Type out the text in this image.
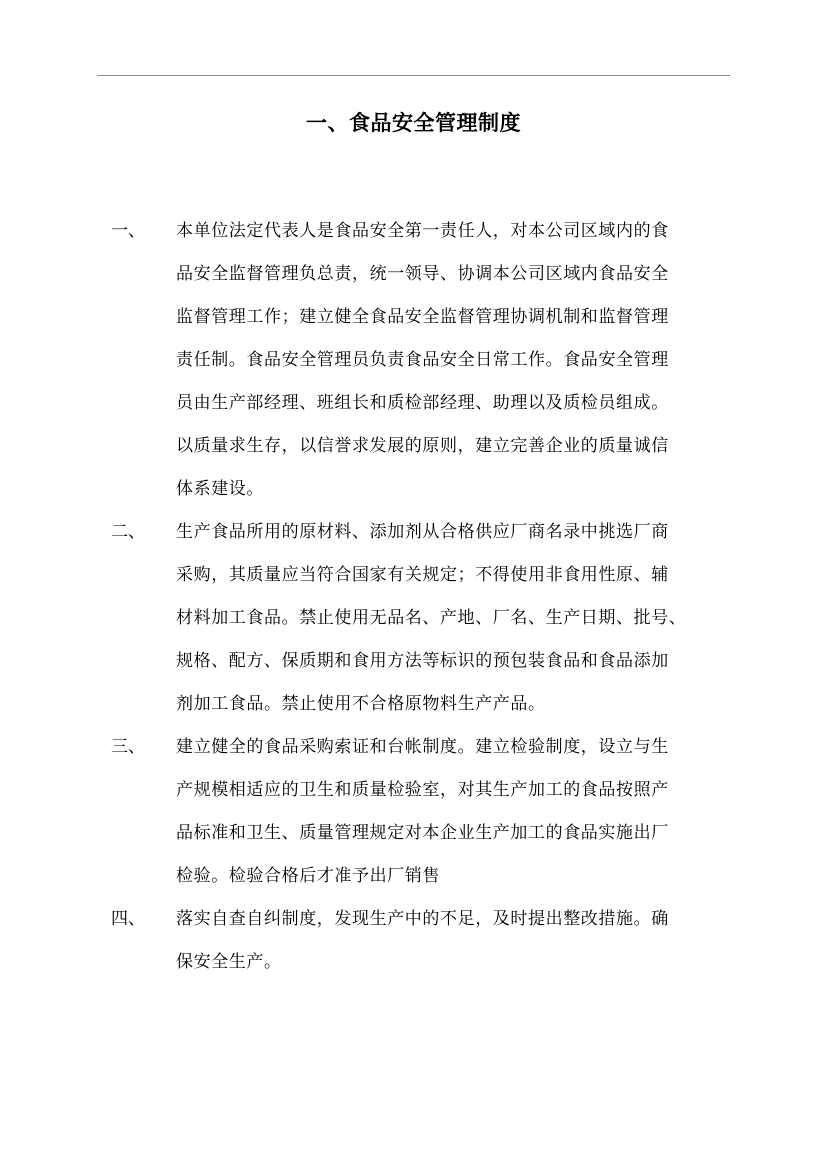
一、食品安全管理制度
一、 本单位法定代表人是食品安全第一责任人，对本公司区域内的食
品安全监督管理负总责，统一领导、协调本公司区域内食品安全
监督管理工作；建立健全食品安全监督管理协调机制和监督管理
责任制。食品安全管理员负责食品安全日常工作。食品安全管理
员由生产部经理、班组长和质检部经理、助理以及质检员组成。
以质量求生存，以信誉求发展的原则，建立完善企业的质量诚信
体系建设。
二、 生产食品所用的原材料、添加剂从合格供应厂商名录中挑选厂商
采购，其质量应当符合国家有关规定；不得使用非食用性原、辅
材料加工食品。禁止使用无品名、产地、厂名、生产日期、批号、
规格、配方、保质期和食用方法等标识的预包装食品和食品添加
剂加工食品。禁止使用不合格原物料生产产品。
三、 建立健全的食品采购索证和台帐制度。建立检验制度，设立与生
产规模相适应的卫生和质量检验室，对其生产加工的食品按照产
品标准和卫生、质量管理规定对本企业生产加工的食品实施出厂
检验。检验合格后才准予出厂销售
四、 落实自查自纠制度，发现生产中的不足，及时提出整改措施。确
保安全生产。
